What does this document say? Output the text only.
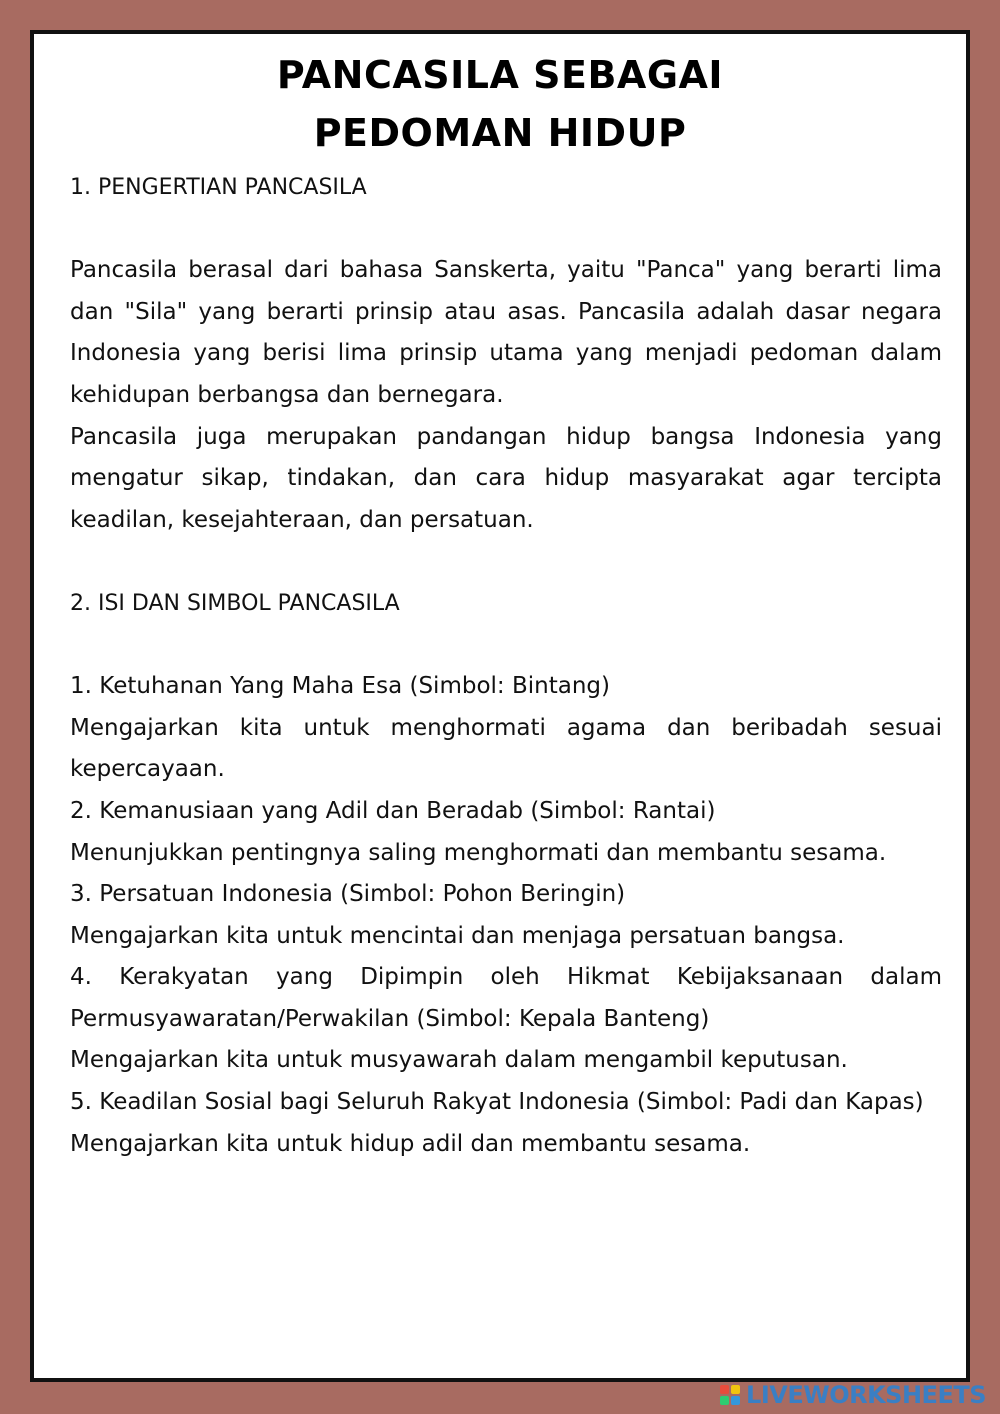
PANCASILA SEBAGAI
PEDOMAN HIDUP

1. PENGERTIAN PANCASILA

Pancasila berasal dari bahasa Sanskerta, yaitu "Panca" yang berarti lima dan "Sila" yang berarti prinsip atau asas. Pancasila adalah dasar negara Indonesia yang berisi lima prinsip utama yang menjadi pedoman dalam kehidupan berbangsa dan bernegara.

Pancasila juga merupakan pandangan hidup bangsa Indonesia yang mengatur sikap, tindakan, dan cara hidup masyarakat agar tercipta keadilan, kesejahteraan, dan persatuan.

2. ISI DAN SIMBOL PANCASILA

1. Ketuhanan Yang Maha Esa (Simbol: Bintang)

Mengajarkan kita untuk menghormati agama dan beribadah sesuai kepercayaan.

2. Kemanusiaan yang Adil dan Beradab (Simbol: Rantai)

Menunjukkan pentingnya saling menghormati dan membantu sesama.

3. Persatuan Indonesia (Simbol: Pohon Beringin)

Mengajarkan kita untuk mencintai dan menjaga persatuan bangsa.

4. Kerakyatan yang Dipimpin oleh Hikmat Kebijaksanaan dalam Permusyawaratan/Perwakilan (Simbol: Kepala Banteng)

Mengajarkan kita untuk musyawarah dalam mengambil keputusan.

5. Keadilan Sosial bagi Seluruh Rakyat Indonesia (Simbol: Padi dan Kapas)

Mengajarkan kita untuk hidup adil dan membantu sesama.

LIVEWORKSHEETS
